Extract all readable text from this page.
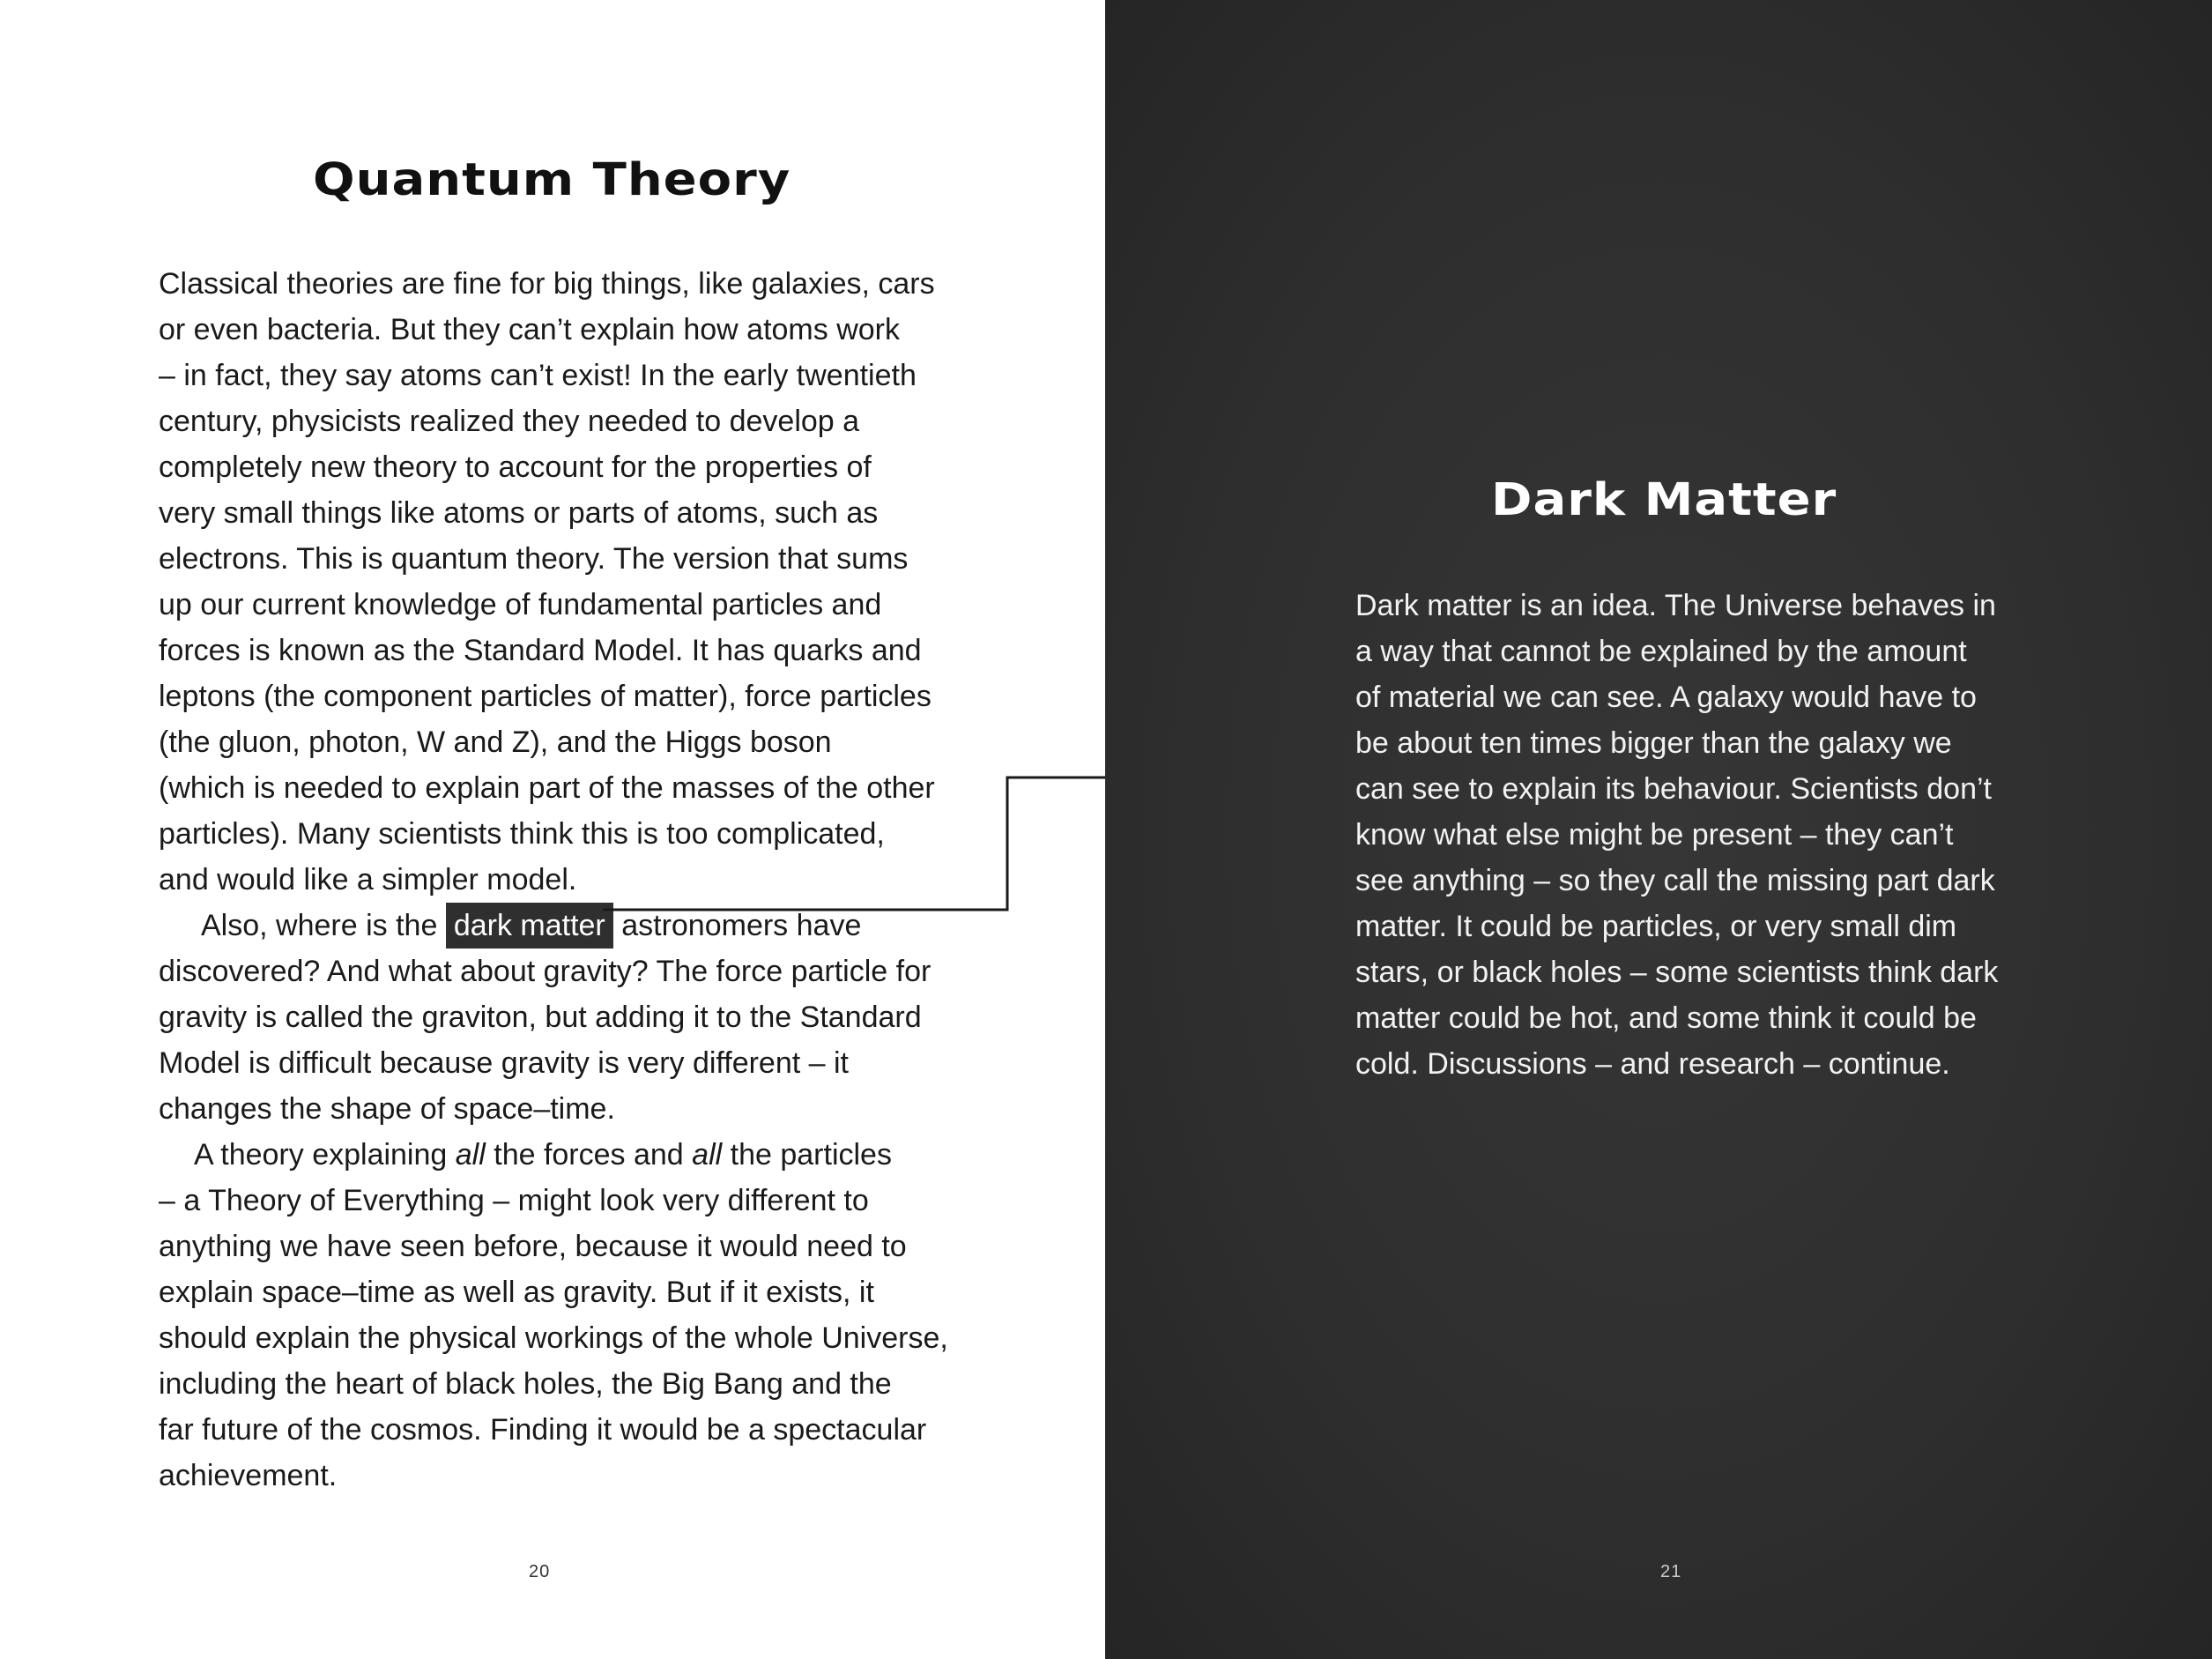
Quantum Theory
Classical theories are fine for big things, like galaxies, cars
or even bacteria. But they can’t explain how atoms work
– in fact, they say atoms can’t exist! In the early twentieth
century, physicists realized they needed to develop a
completely new theory to account for the properties of
very small things like atoms or parts of atoms, such as
electrons. This is quantum theory. The version that sums
up our current knowledge of fundamental particles and
forces is known as the Standard Model. It has quarks and
leptons (the component particles of matter), force particles
(the gluon, photon, W and Z), and the Higgs boson
(which is needed to explain part of the masses of the other
particles). Many scientists think this is too complicated,
and would like a simpler model.
Also, where is the dark matter astronomers have
discovered? And what about gravity? The force particle for
gravity is called the graviton, but adding it to the Standard
Model is difficult because gravity is very different – it
changes the shape of space–time.
A theory explaining all the forces and all the particles
– a Theory of Everything – might look very different to
anything we have seen before, because it would need to
explain space–time as well as gravity. But if it exists, it
should explain the physical workings of the whole Universe,
including the heart of black holes, the Big Bang and the
far future of the cosmos. Finding it would be a spectacular
achievement.
20
Dark Matter
Dark matter is an idea. The Universe behaves in
a way that cannot be explained by the amount
of material we can see. A galaxy would have to
be about ten times bigger than the galaxy we
can see to explain its behaviour. Scientists don’t
know what else might be present – they can’t
see anything – so they call the missing part dark
matter. It could be particles, or very small dim
stars, or black holes – some scientists think dark
matter could be hot, and some think it could be
cold. Discussions – and research – continue.
21
